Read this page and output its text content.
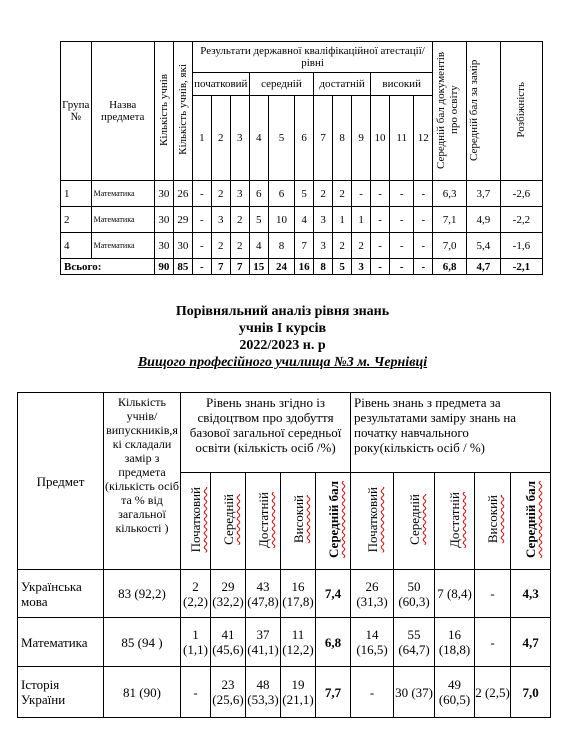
Група №	Назва предмета	Кількість учнів	Кількість учнів, які	Результати державної кваліфікаційної атестації/рівні												Середній бал документів про освіту	Середній бал за замір	Розбіжність
				початковий			середній			достатній			високий					
				1	2	3	4	5	6	7	8	9	10	11	12			
1	Математика	30	26	-	2	3	6	6	5	2	2	-	-	-	-	6,3	3,7	-2,6
2	Математика	30	29	-	3	2	5	10	4	3	1	1	-	-	-	7,1	4,9	-2,2
4	Математика	30	30	-	2	2	4	8	7	3	2	2	-	-	-	7,0	5,4	-1,6
Всього:		90	85	-	7	7	15	24	16	8	5	3	-	-	-	6,8	4,7	-2,1
Порівняльний аналіз рівня знань
учнів І курсів
2022/2023 н. р
Вищого професійного училища №3 м. Чернівці
Предмет	Кількість учнів/ випускників,я кі складали замір з предмета (кількість осіб та % від загальної кількості )	Рівень знань згідно із свідоцтвом про здобуття базової загальної середньої освіти (кількість осіб /%)					Рівень знань з предмета за результатами заміру знань на початку навчального року(кількість осіб / %)				
		Початковий	Середній	Достатній	Високий	Середній бал	Початковий	Середній	Достатній	Високий	Середній бал
Українська мова	83 (92,2)	2 (2,2)	29 (32,2)	43 (47,8)	16 (17,8)	7,4	26 (31,3)	50 (60,3)	7 (8,4)	-	4,3
Математика	85 (94 )	1 (1,1)	41 (45,6)	37 (41,1)	11 (12,2)	6,8	14 (16,5)	55 (64,7)	16 (18,8)	-	4,7
Історія України	81 (90)	-	23 (25,6)	48 (53,3)	19 (21,1)	7,7	-	30 (37)	49 (60,5)	2 (2,5)	7,0
